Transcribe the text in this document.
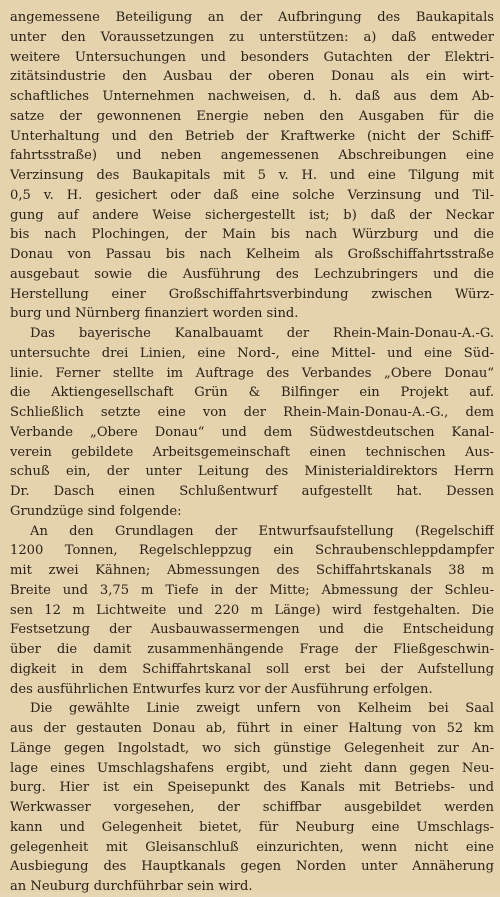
angemessene Beteiligung an der Aufbringung des Baukapitals
unter den Voraussetzungen zu unterstützen: a) daß entweder
weitere Untersuchungen und besonders Gutachten der Elektri-
zitätsindustrie den Ausbau der oberen Donau als ein wirt-
schaftliches Unternehmen nachweisen, d. h. daß aus dem Ab-
satze der gewonnenen Energie neben den Ausgaben für die
Unterhaltung und den Betrieb der Kraftwerke (nicht der Schiff-
fahrtsstraße) und neben angemessenen Abschreibungen eine
Verzinsung des Baukapitals mit 5 v. H. und eine Tilgung mit
0,5 v. H. gesichert oder daß eine solche Verzinsung und Til-
gung auf andere Weise sichergestellt ist; b) daß der Neckar
bis nach Plochingen, der Main bis nach Würzburg und die
Donau von Passau bis nach Kelheim als Großschiffahrtsstraße
ausgebaut sowie die Ausführung des Lechzubringers und die
Herstellung einer Großschiffahrtsverbindung zwischen Würz-
burg und Nürnberg finanziert worden sind.
Das bayerische Kanalbauamt der Rhein-Main-Donau-A.-G.
untersuchte drei Linien, eine Nord-, eine Mittel- und eine Süd-
linie. Ferner stellte im Auftrage des Verbandes „Obere Donau“
die Aktiengesellschaft Grün & Bilfinger ein Projekt auf.
Schließlich setzte eine von der Rhein-Main-Donau-A.-G., dem
Verbande „Obere Donau“ und dem Südwestdeutschen Kanal-
verein gebildete Arbeitsgemeinschaft einen technischen Aus-
schuß ein, der unter Leitung des Ministerialdirektors Herrn
Dr. Dasch einen Schlußentwurf aufgestellt hat. Dessen
Grundzüge sind folgende:
An den Grundlagen der Entwurfsaufstellung (Regelschiff
1200 Tonnen, Regelschleppzug ein Schraubenschleppdampfer
mit zwei Kähnen; Abmessungen des Schiffahrtskanals 38 m
Breite und 3,75 m Tiefe in der Mitte; Abmessung der Schleu-
sen 12 m Lichtweite und 220 m Länge) wird festgehalten. Die
Festsetzung der Ausbauwassermengen und die Entscheidung
über die damit zusammenhängende Frage der Fließgeschwin-
digkeit in dem Schiffahrtskanal soll erst bei der Aufstellung
des ausführlichen Entwurfes kurz vor der Ausführung erfolgen.
Die gewählte Linie zweigt unfern von Kelheim bei Saal
aus der gestauten Donau ab, führt in einer Haltung von 52 km
Länge gegen Ingolstadt, wo sich günstige Gelegenheit zur An-
lage eines Umschlagshafens ergibt, und zieht dann gegen Neu-
burg. Hier ist ein Speisepunkt des Kanals mit Betriebs- und
Werkwasser vorgesehen, der schiffbar ausgebildet werden
kann und Gelegenheit bietet, für Neuburg eine Umschlags-
gelegenheit mit Gleisanschluß einzurichten, wenn nicht eine
Ausbiegung des Hauptkanals gegen Norden unter Annäherung
an Neuburg durchführbar sein wird.
